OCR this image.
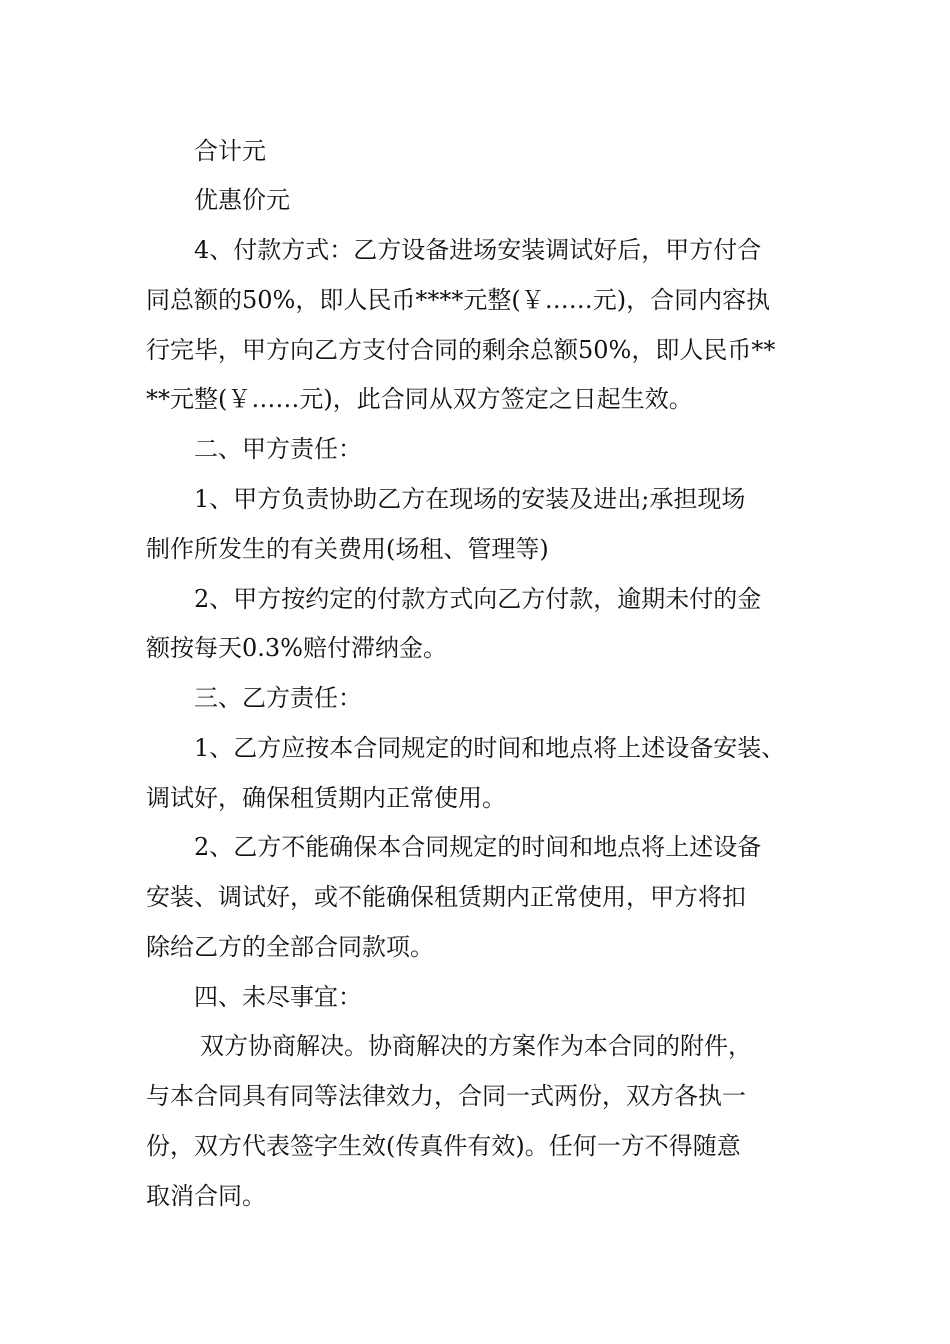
合计元
优惠价元
4、付款方式：乙方设备进场安装调试好后，甲方付合
同总额的50%，即人民币****元整(￥……元)，合同内容执
行完毕，甲方向乙方支付合同的剩余总额50%，即人民币**
**元整(￥……元)，此合同从双方签定之日起生效。
二、甲方责任：
1、甲方负责协助乙方在现场的安装及进出;承担现场
制作所发生的有关费用(场租、管理等)
2、甲方按约定的付款方式向乙方付款，逾期未付的金
额按每天0.3%赔付滞纳金。
三、乙方责任：
1、乙方应按本合同规定的时间和地点将上述设备安装、
调试好，确保租赁期内正常使用。
2、乙方不能确保本合同规定的时间和地点将上述设备
安装、调试好，或不能确保租赁期内正常使用，甲方将扣
除给乙方的全部合同款项。
四、未尽事宜：
双方协商解决。协商解决的方案作为本合同的附件，
与本合同具有同等法律效力，合同一式两份，双方各执一
份，双方代表签字生效(传真件有效)。任何一方不得随意
取消合同。
